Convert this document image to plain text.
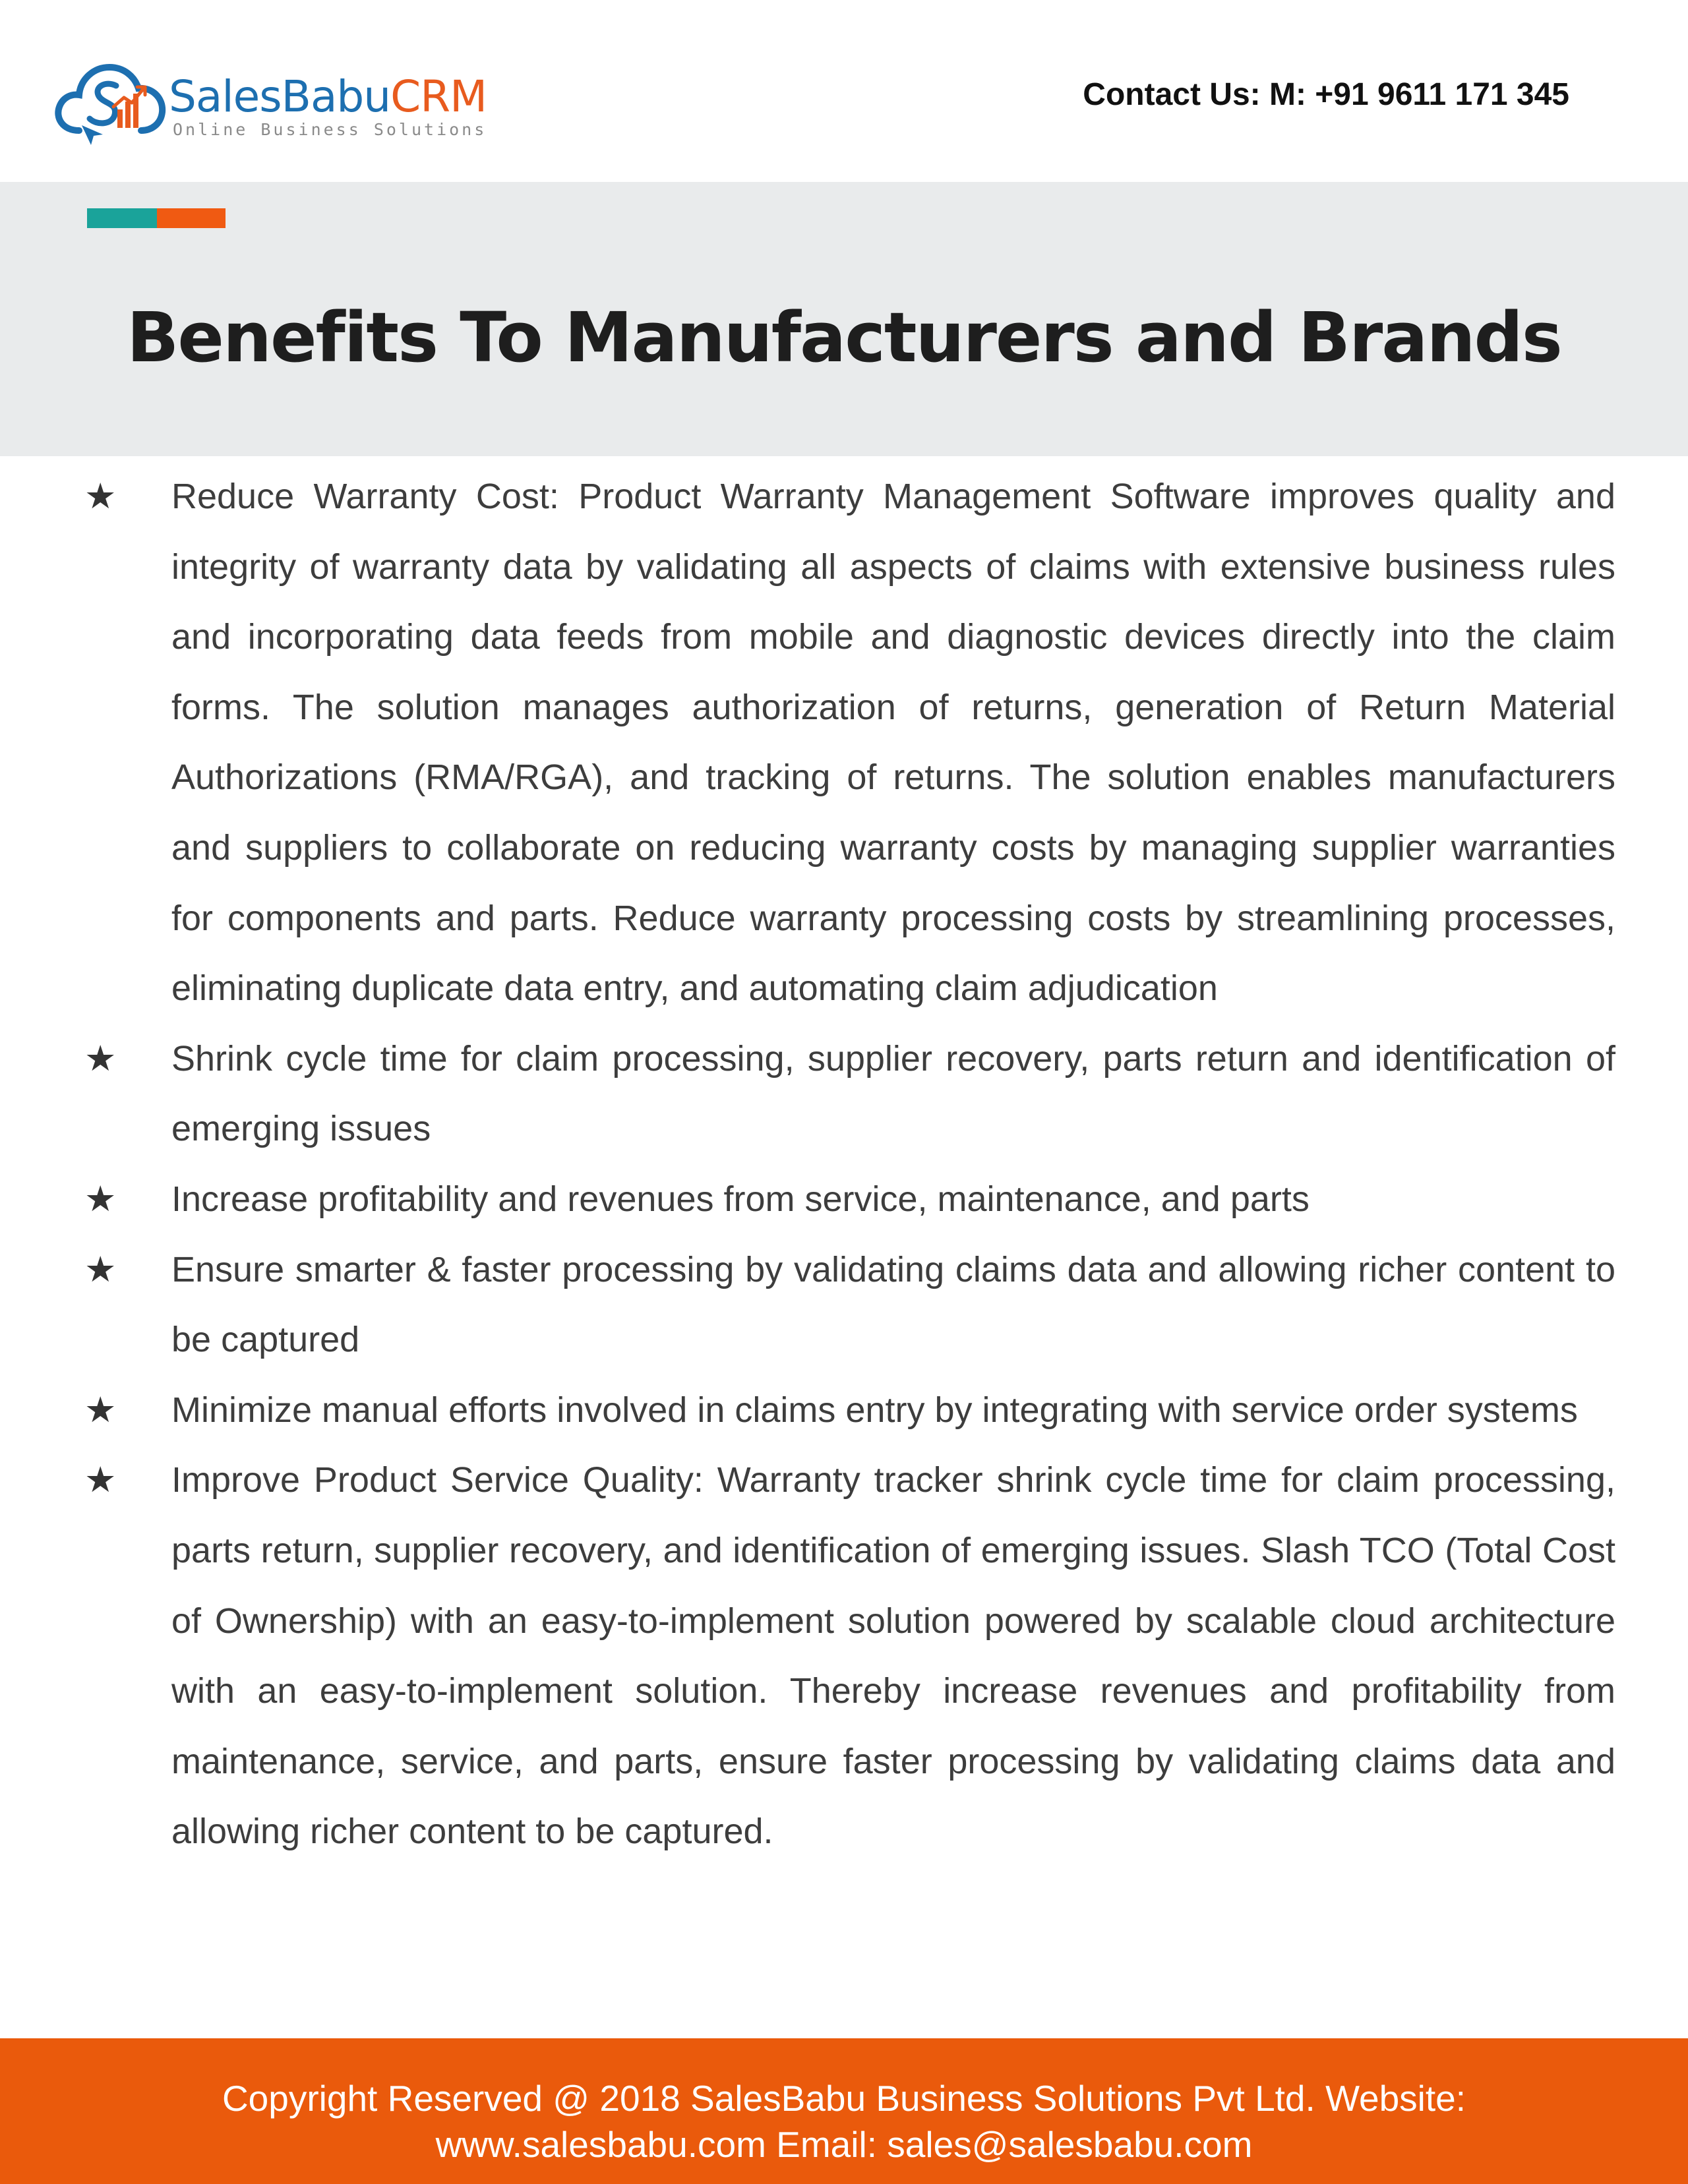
SalesBabuCRM
Online Business Solutions
Contact Us: M: +91 9611 171 345
Benefits To Manufacturers and Brands
★ Reduce Warranty Cost: Product Warranty Management Software improves quality and integrity of warranty data by validating all aspects of claims with extensive business rules and incorporating data feeds from mobile and diagnostic devices directly into the claim forms. The solution manages authorization of returns, generation of Return Material Authorizations (RMA/RGA), and tracking of returns. The solution enables manufacturers and suppliers to collaborate on reducing warranty costs by managing supplier warranties for components and parts. Reduce warranty processing costs by streamlining processes, eliminating duplicate data entry, and automating claim adjudication
★ Shrink cycle time for claim processing, supplier recovery, parts return and identification of emerging issues
★ Increase profitability and revenues from service, maintenance, and parts
★ Ensure smarter & faster processing by validating claims data and allowing richer content to be captured
★ Minimize manual efforts involved in claims entry by integrating with service order systems
★ Improve Product Service Quality: Warranty tracker shrink cycle time for claim processing, parts return, supplier recovery, and identification of emerging issues. Slash TCO (Total Cost of Ownership) with an easy-to-implement solution powered by scalable cloud architecture with an easy-to-implement solution. Thereby increase revenues and profitability from maintenance, service, and parts, ensure faster processing by validating claims data and allowing richer content to be captured.
Copyright Reserved @ 2018 SalesBabu Business Solutions Pvt Ltd. Website:
www.salesbabu.com Email: sales@salesbabu.com
